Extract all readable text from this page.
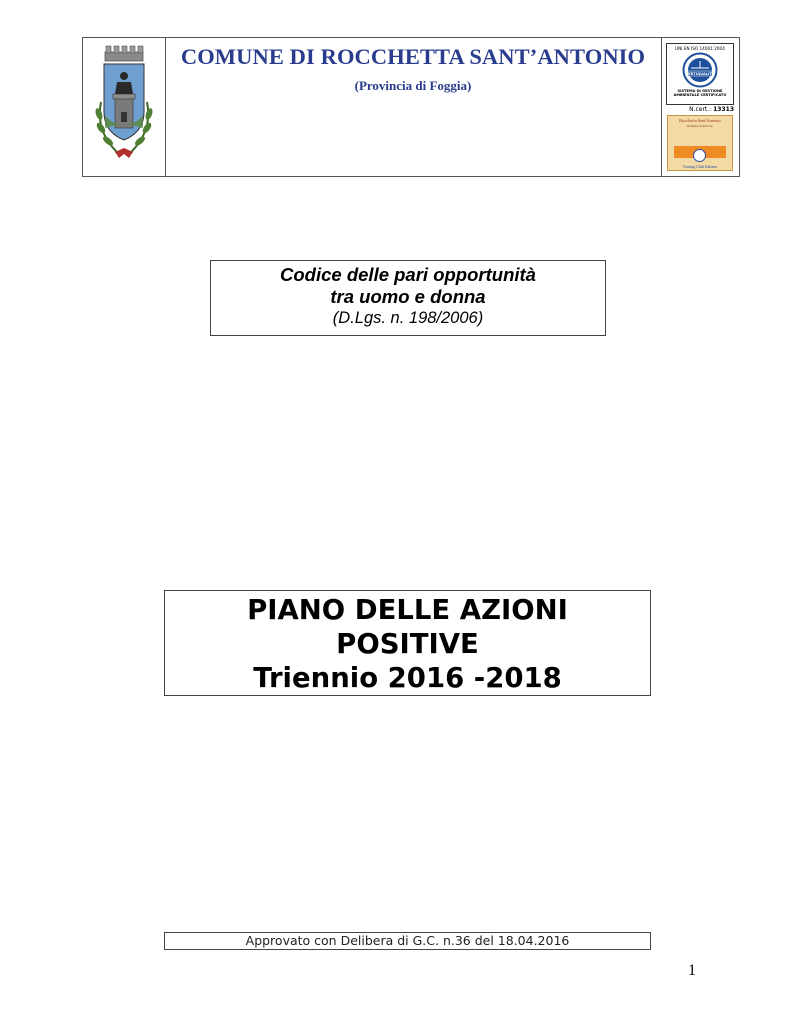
COMUNE DI ROCCHETTA SANT’ANTONIO
(Provincia di Foggia)
UNI EN ISO 14001:2004
CERTIQUALITY
SISTEMA DI GESTIONE
AMBIENTALE CERTIFICATO
N.cert.: 13313
Rocchetta Sant'Antonio
Bandiera Arancione
Touring Club Italiano
Codice delle pari opportunità
tra uomo e donna
(D.Lgs. n. 198/2006)
PIANO DELLE AZIONI
POSITIVE
Triennio 2016 -2018
Approvato con Delibera di G.C. n.36 del 18.04.2016
1
